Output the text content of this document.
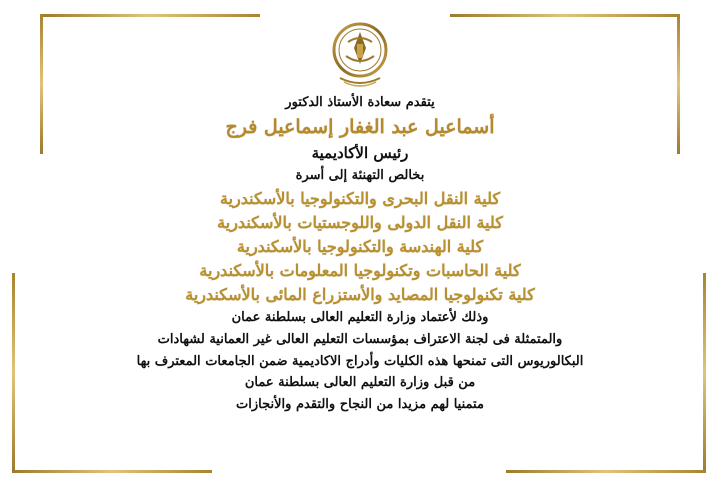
يتقدم سعادة الأستاذ الدكتور
أسماعيل عبد الغفار إسماعيل فرج
رئيس الأكاديمية
بخالص التهنئة إلى أسرة
كلية النقل البحرى والتكنولوجيا بالأسكندرية
كلية النقل الدولى واللوجستيات بالأسكندرية
كلية الهندسة والتكنولوجيا بالأسكندرية
كلية الحاسبات وتكنولوجيا المعلومات بالأسكندرية
كلية تكنولوجيا المصايد والأستزراع المائى بالأسكندرية
وذلك لأعتماد وزارة التعليم العالى بسلطنة عمان
والمتمثلة فى لجنة الاعتراف بمؤسسات التعليم العالى غير العمانية لشهادات
البكالوريوس التى تمنحها هذه الكليات وأدراج الاكاديمية ضمن الجامعات المعترف بها
من قبل وزارة التعليم العالى بسلطنة عمان
متمنيا لهم مزيدا من النجاح والتقدم والأنجازات
